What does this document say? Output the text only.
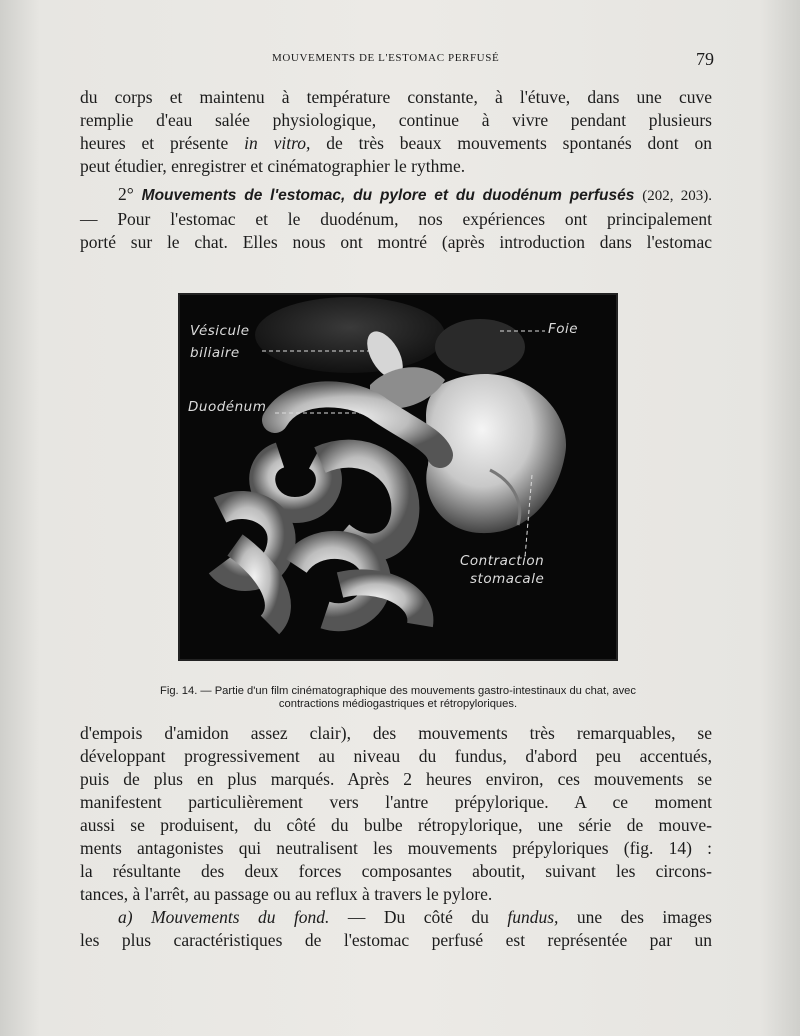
MOUVEMENTS DE L'ESTOMAC PERFUSÉ	79
du corps et maintenu à température constante, à l'étuve, dans une cuve
remplie d'eau salée physiologique, continue à vivre pendant plusieurs
heures et présente in vitro, de très beaux mouvements spontanés dont on
peut étudier, enregistrer et cinématographier le rythme.
2° Mouvements de l'estomac, du pylore et du duodénum perfusés (202, 203).
— Pour l'estomac et le duodénum, nos expériences ont principalement
porté sur le chat. Elles nous ont montré (après introduction dans l'estomac
Vésicule
biliaire
Foie
Duodénum
Contraction
stomacale
Fig. 14. — Partie d'un film cinématographique des mouvements gastro-intestinaux du chat, avec
contractions médiogastriques et rétropyloriques.
d'empois d'amidon assez clair), des mouvements très remarquables, se
développant progressivement au niveau du fundus, d'abord peu accentués,
puis de plus en plus marqués. Après 2 heures environ, ces mouvements se
manifestent particulièrement vers l'antre prépylorique. A ce moment
aussi se produisent, du côté du bulbe rétropylorique, une série de mouve-
ments antagonistes qui neutralisent les mouvements prépyloriques (fig. 14) :
la résultante des deux forces composantes aboutit, suivant les circons-
tances, à l'arrêt, au passage ou au reflux à travers le pylore.
a) Mouvements du fond. — Du côté du fundus, une des images
les plus caractéristiques de l'estomac perfusé est représentée par un
